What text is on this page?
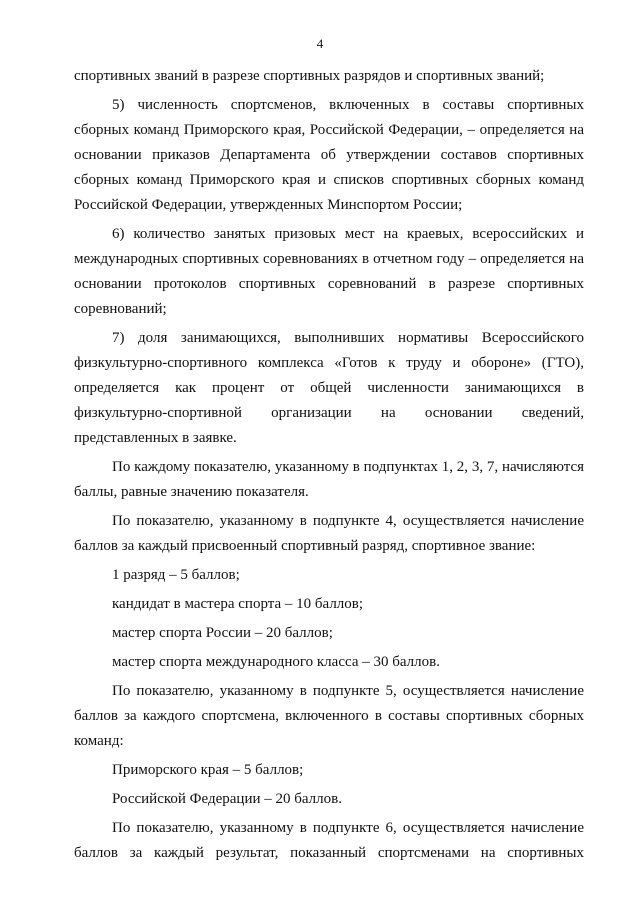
4

спортивных званий в разрезе спортивных разрядов и спортивных званий;

5) численность спортсменов, включенных в составы спортивных сборных команд Приморского края, Российской Федерации, – определяется на основании приказов Департамента об утверждении составов спортивных сборных команд Приморского края и списков спортивных сборных команд Российской Федерации, утвержденных Минспортом России;

6) количество занятых призовых мест на краевых, всероссийских и международных спортивных соревнованиях в отчетном году – определяется на основании протоколов спортивных соревнований в разрезе спортивных соревнований;

7) доля занимающихся, выполнивших нормативы Всероссийского физкультурно-спортивного комплекса «Готов к труду и обороне» (ГТО), определяется как процент от общей численности занимающихся в физкультурно-спортивной организации на основании сведений, представленных в заявке.

По каждому показателю, указанному в подпунктах 1, 2, 3, 7, начисляются баллы, равные значению показателя.

По показателю, указанному в подпункте 4, осуществляется начисление баллов за каждый присвоенный спортивный разряд, спортивное звание:

1 разряд – 5 баллов;

кандидат в мастера спорта – 10 баллов;

мастер спорта России – 20 баллов;

мастер спорта международного класса – 30 баллов.

По показателю, указанному в подпункте 5, осуществляется начисление баллов за каждого спортсмена, включенного в составы спортивных сборных команд:

Приморского края – 5 баллов;

Российской Федерации – 20 баллов.

По показателю, указанному в подпункте 6, осуществляется начисление баллов за каждый результат, показанный спортсменами на спортивных
